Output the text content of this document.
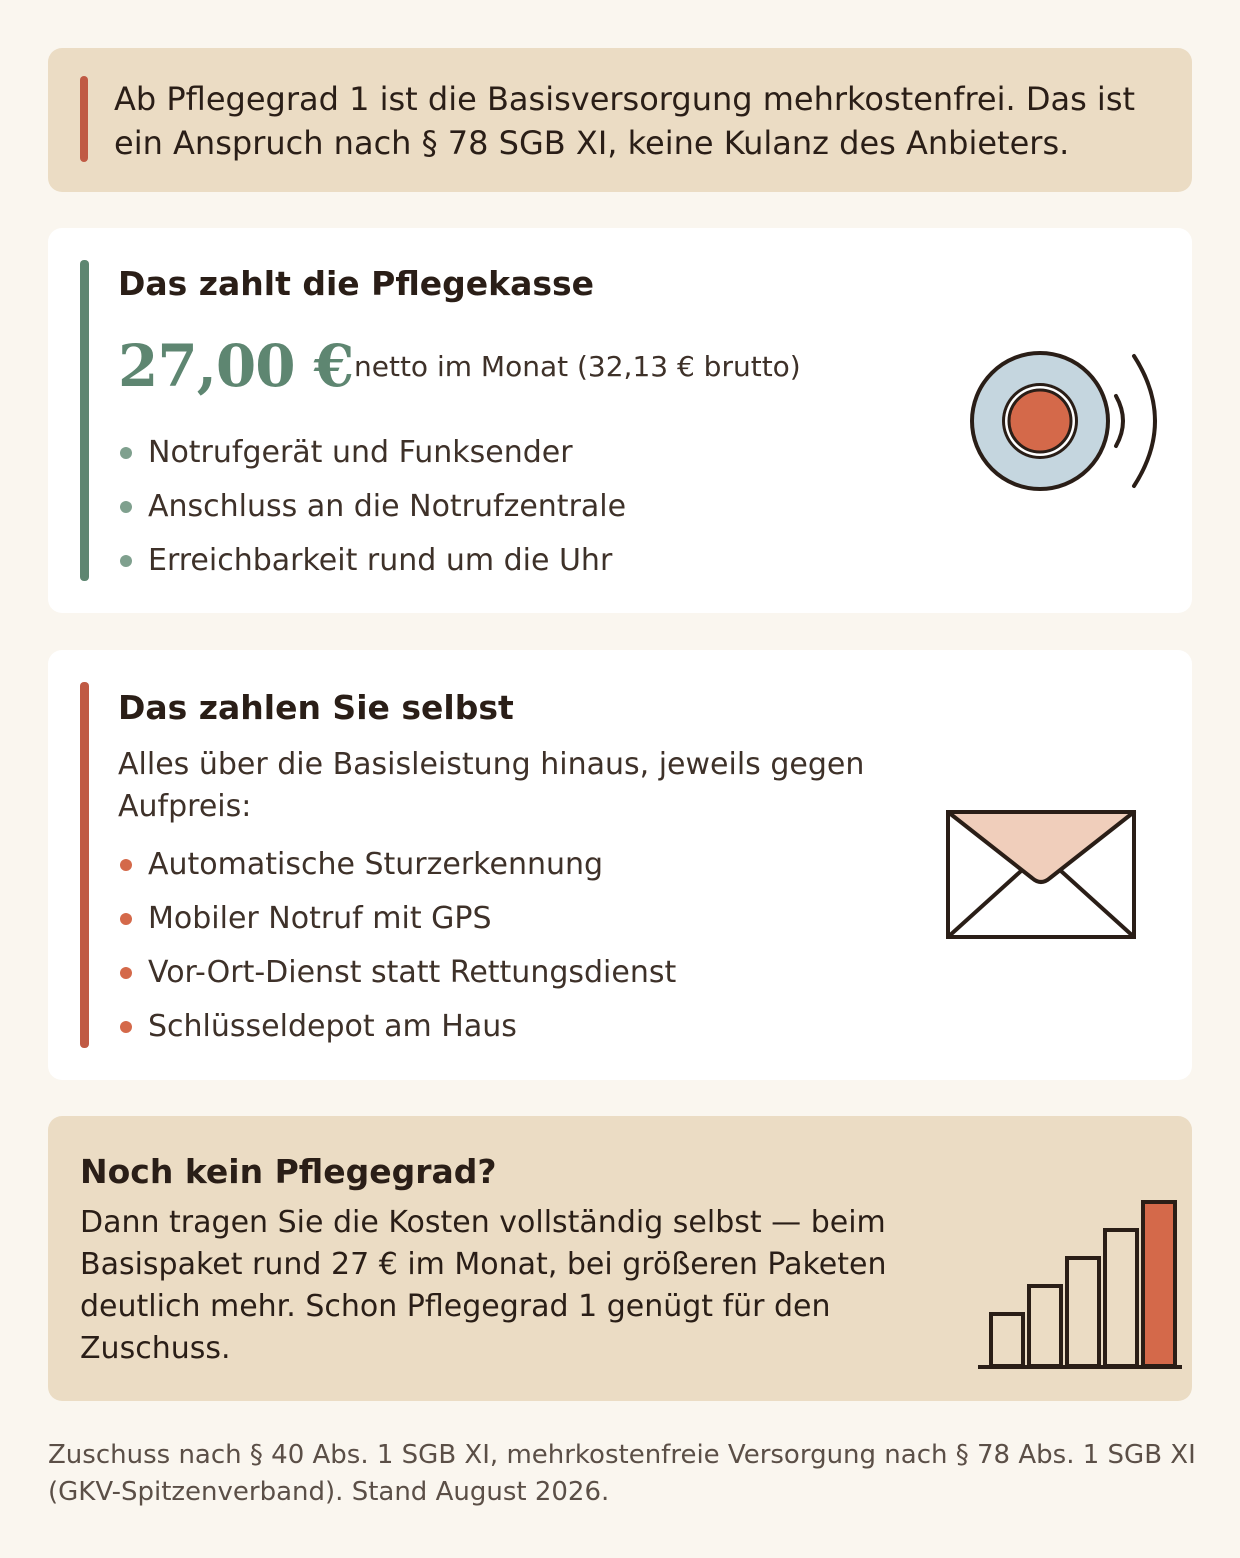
Ab Pflegegrad 1 ist die Basisversorgung mehrkostenfrei. Das ist ein Anspruch nach § 78 SGB XI, keine Kulanz des Anbieters.

Das zahlt die Pflegekasse
27,00 € netto im Monat (32,13 € brutto)
Notrufgerät und Funksender
Anschluss an die Notrufzentrale
Erreichbarkeit rund um die Uhr
Das zahlen Sie selbst

Alles über die Basisleistung hinaus, jeweils gegen Aufpreis:

Automatische Sturzerkennung
Mobiler Notruf mit GPS
Vor-Ort-Dienst statt Rettungsdienst
Schlüsseldepot am Haus
Noch kein Pflegegrad?

Dann tragen Sie die Kosten vollständig selbst — beim Basispaket rund 27 € im Monat, bei größeren Paketen deutlich mehr. Schon Pflegegrad 1 genügt für den Zuschuss.

Zuschuss nach § 40 Abs. 1 SGB XI, mehrkostenfreie Versorgung nach § 78 Abs. 1 SGB XI (GKV-Spitzenverband). Stand August 2026.
